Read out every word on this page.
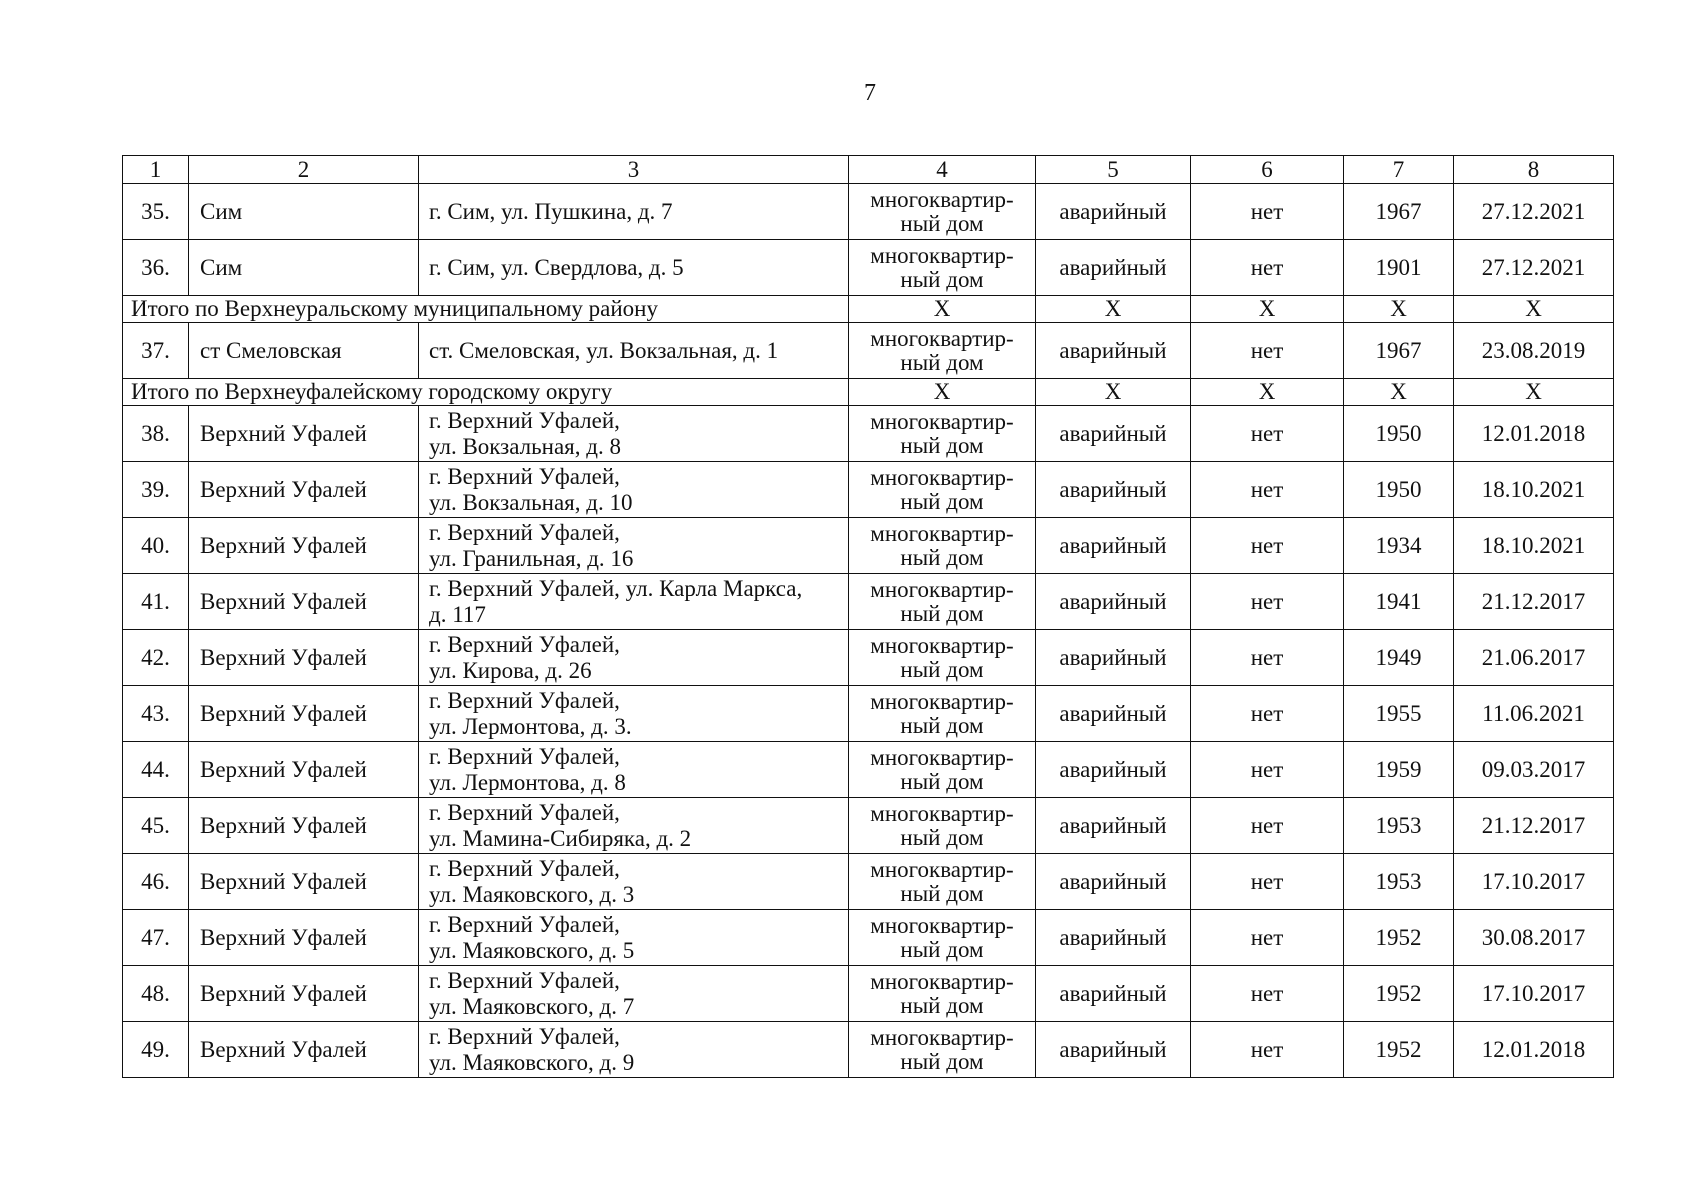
7
1	2	3	4	5	6	7	8
35.	Сим	г. Сим, ул. Пушкина, д. 7	многоквартир-
ный дом	аварийный	нет	1967	27.12.2021
36.	Сим	г. Сим, ул. Свердлова, д. 5	многоквартир-
ный дом	аварийный	нет	1901	27.12.2021
Итого по Верхнеуральскому муниципальному району			X	X	X	X	X
37.	ст Смеловская	ст. Смеловская, ул. Вокзальная, д. 1	многоквартир-
ный дом	аварийный	нет	1967	23.08.2019
Итого по Верхнеуфалейскому городскому округу			X	X	X	X	X
38.	Верхний Уфалей	г. Верхний Уфалей,
ул. Вокзальная, д. 8	многоквартир-
ный дом	аварийный	нет	1950	12.01.2018
39.	Верхний Уфалей	г. Верхний Уфалей,
ул. Вокзальная, д. 10	многоквартир-
ный дом	аварийный	нет	1950	18.10.2021
40.	Верхний Уфалей	г. Верхний Уфалей,
ул. Гранильная, д. 16	многоквартир-
ный дом	аварийный	нет	1934	18.10.2021
41.	Верхний Уфалей	г. Верхний Уфалей, ул. Карла Маркса,
д. 117	многоквартир-
ный дом	аварийный	нет	1941	21.12.2017
42.	Верхний Уфалей	г. Верхний Уфалей,
ул. Кирова, д. 26	многоквартир-
ный дом	аварийный	нет	1949	21.06.2017
43.	Верхний Уфалей	г. Верхний Уфалей,
ул. Лермонтова, д. 3.	многоквартир-
ный дом	аварийный	нет	1955	11.06.2021
44.	Верхний Уфалей	г. Верхний Уфалей,
ул. Лермонтова, д. 8	многоквартир-
ный дом	аварийный	нет	1959	09.03.2017
45.	Верхний Уфалей	г. Верхний Уфалей,
ул. Мамина-Сибиряка, д. 2	многоквартир-
ный дом	аварийный	нет	1953	21.12.2017
46.	Верхний Уфалей	г. Верхний Уфалей,
ул. Маяковского, д. 3	многоквартир-
ный дом	аварийный	нет	1953	17.10.2017
47.	Верхний Уфалей	г. Верхний Уфалей,
ул. Маяковского, д. 5	многоквартир-
ный дом	аварийный	нет	1952	30.08.2017
48.	Верхний Уфалей	г. Верхний Уфалей,
ул. Маяковского, д. 7	многоквартир-
ный дом	аварийный	нет	1952	17.10.2017
49.	Верхний Уфалей	г. Верхний Уфалей,
ул. Маяковского, д. 9	многоквартир-
ный дом	аварийный	нет	1952	12.01.2018
